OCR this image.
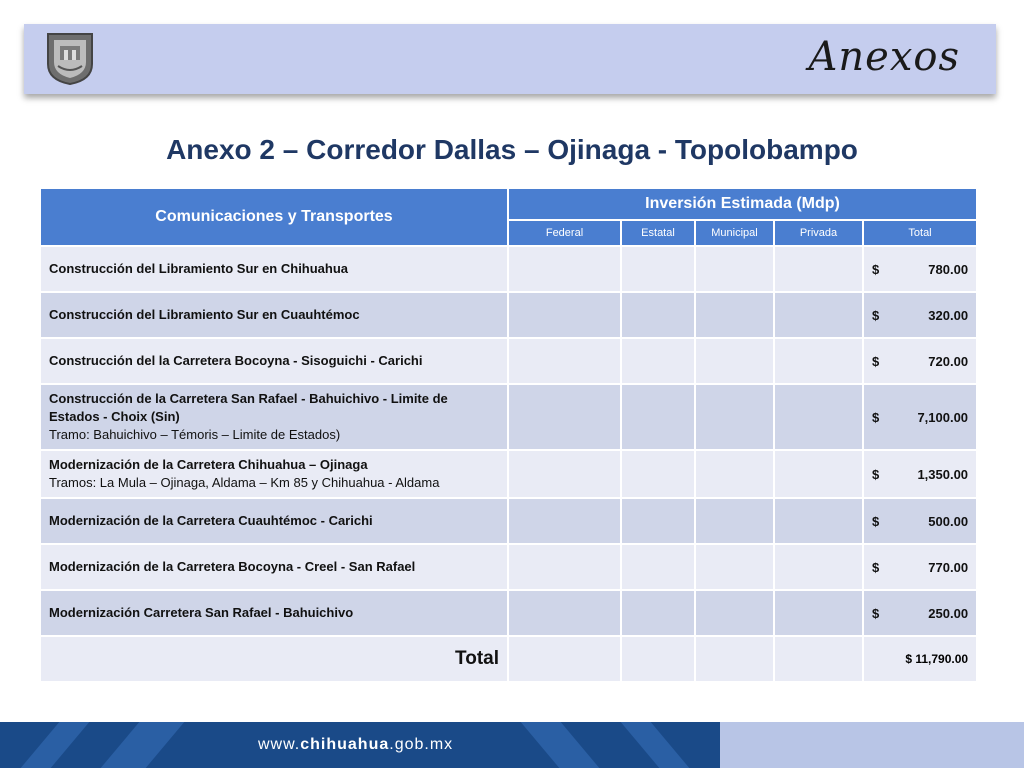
Anexos
Anexo 2 – Corredor Dallas – Ojinaga - Topolobampo
Comunicaciones y Transportes	Inversión Estimada (Mdp)				
	Federal	Estatal	Municipal	Privada	Total
Construcción del Libramiento Sur en Chihuahua					$ 780.00

Construcción del Libramiento Sur en Cuauhtémoc					$ 320.00

Construcción del la Carretera Bocoyna - Sisoguichi - Carichi					$ 720.00

Construcción de la Carretera San Rafael - Bahuichivo - Limite de Estados - Choix (Sin)
Tramo: Bahuichivo – Témoris – Limite de Estados)					$ 7,100.00

Modernización de la Carretera Chihuahua – Ojinaga
Tramos: La Mula – Ojinaga, Aldama – Km 85 y Chihuahua - Aldama					$ 1,350.00

Modernización de la Carretera Cuauhtémoc - Carichi					$ 500.00

Modernización de la Carretera Bocoyna - Creel - San Rafael					$ 770.00

Modernización Carretera San Rafael - Bahuichivo					$ 250.00

Total					$ 11,790.00
www.chihuahua.gob.mx
